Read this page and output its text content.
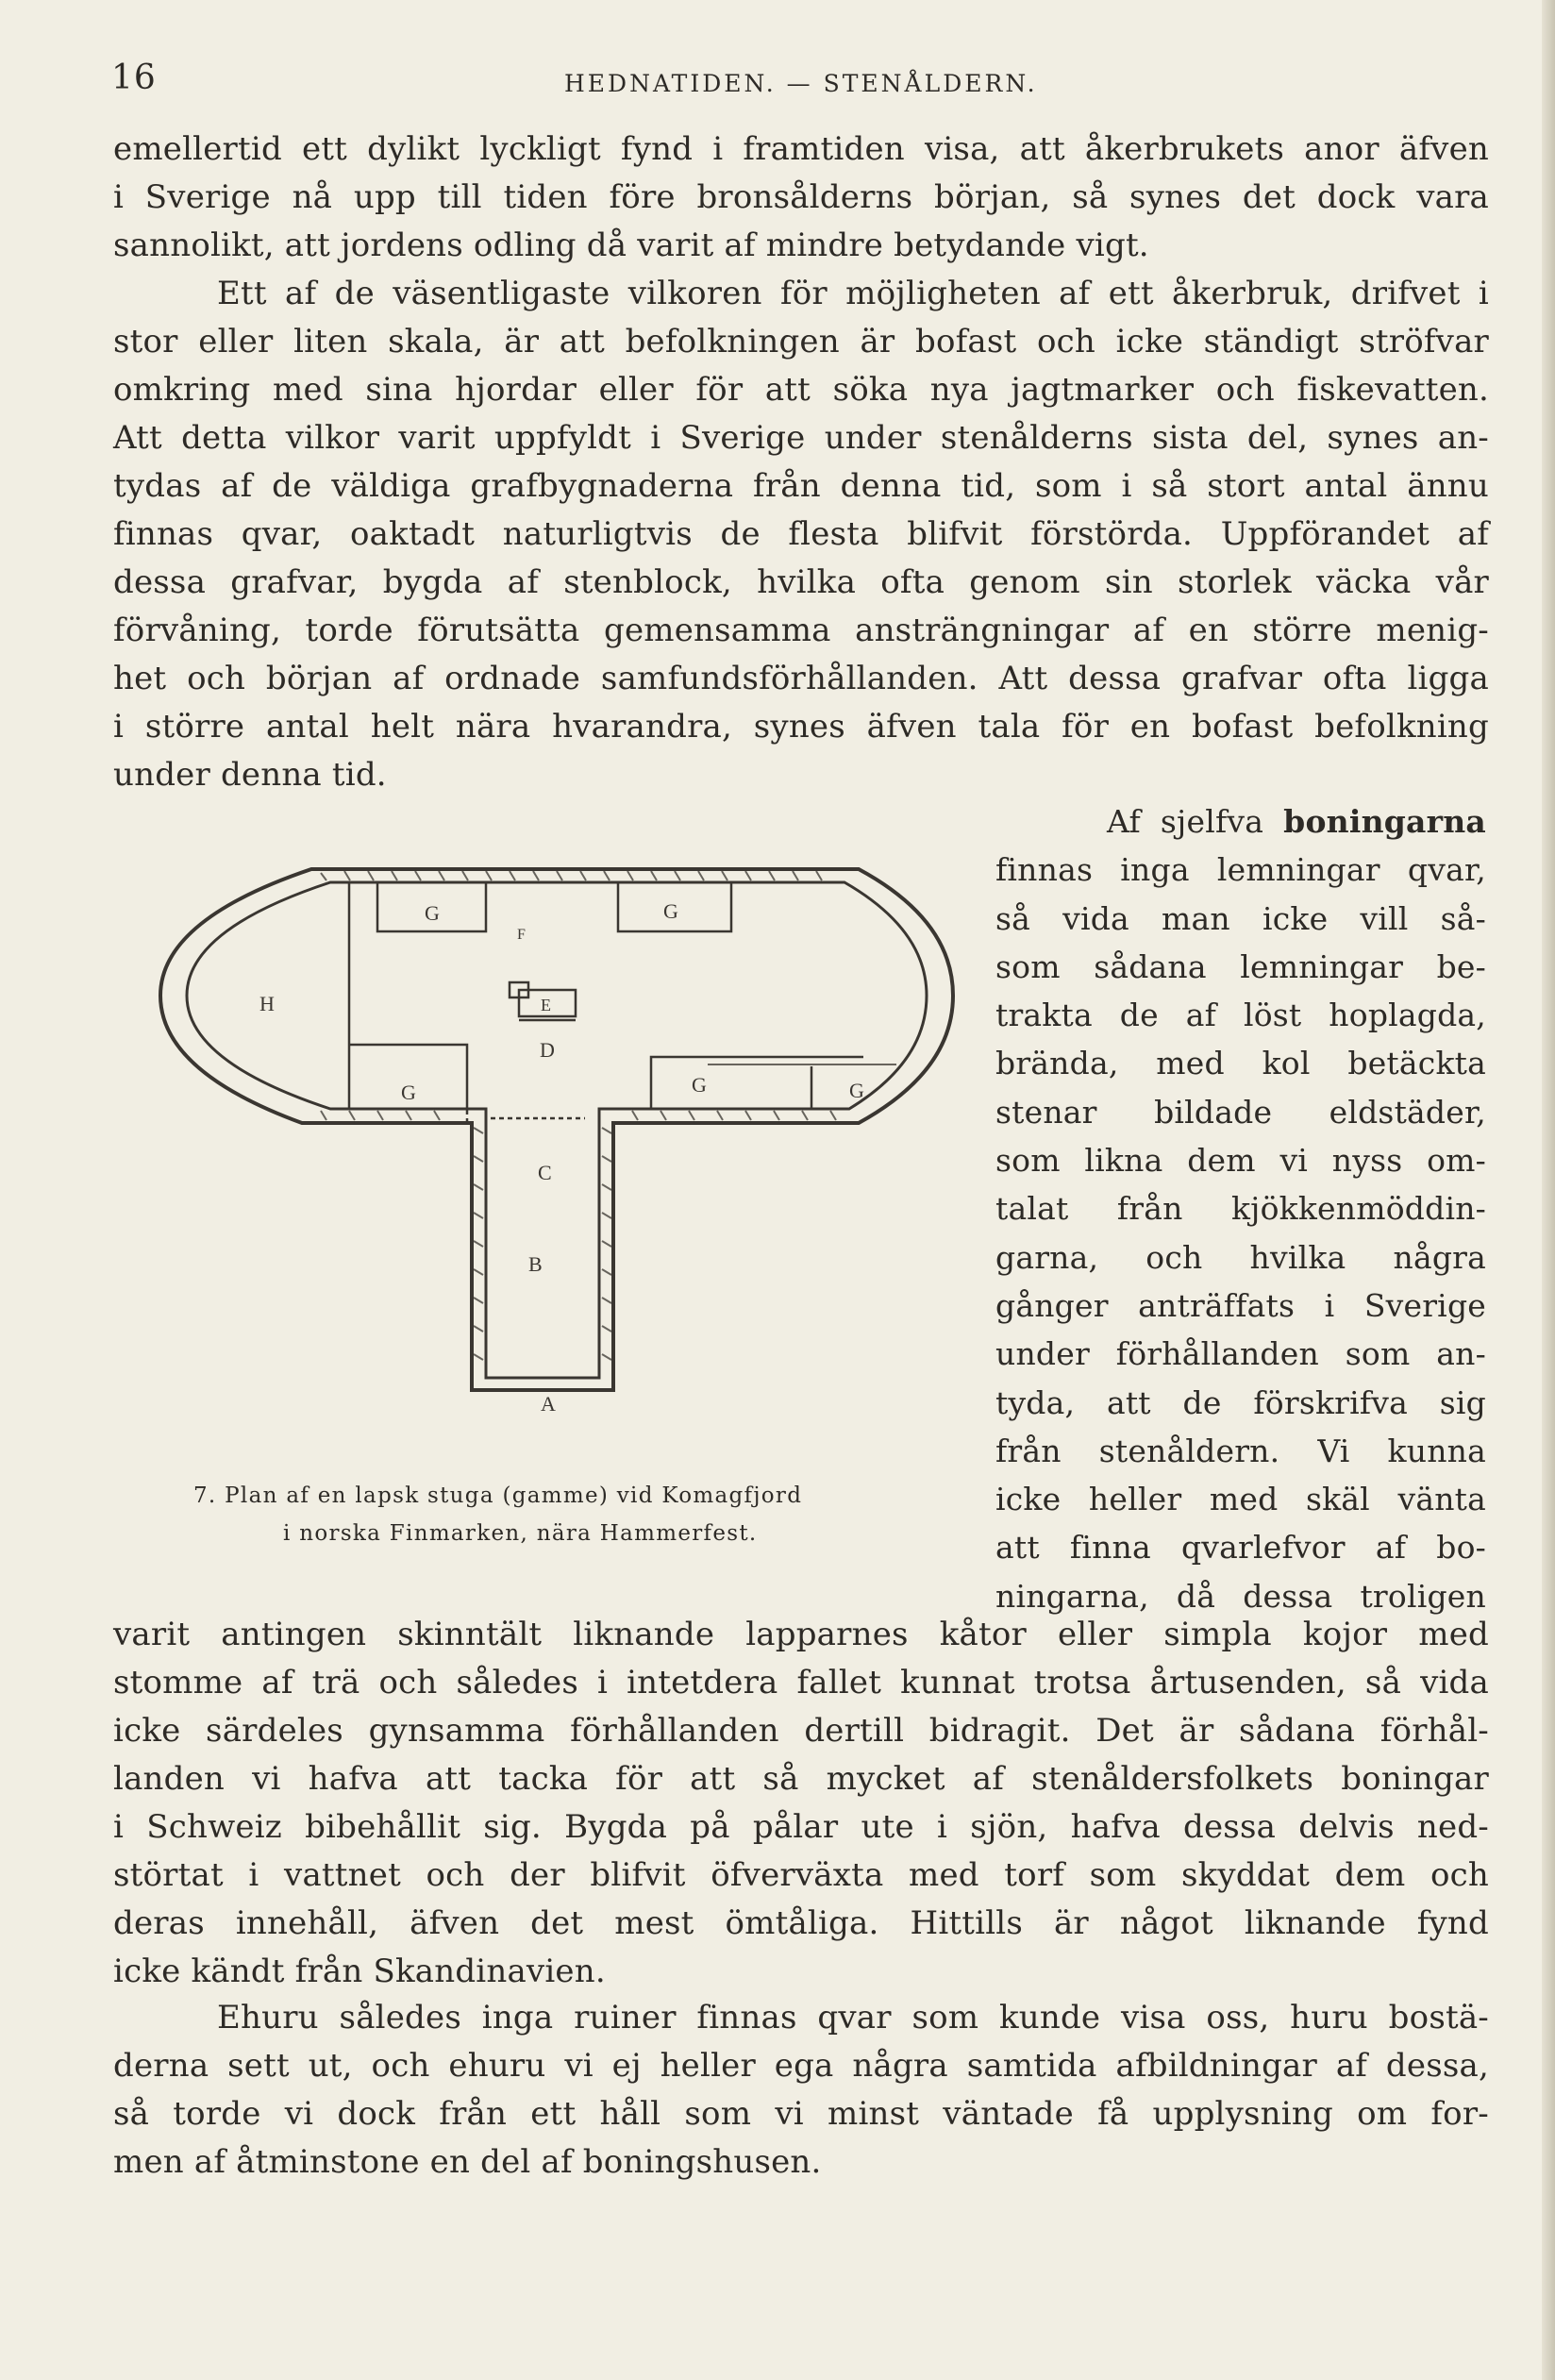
16	HEDNATIDEN. — STENÅLDERN.
emellertid ett dylikt lyckligt fynd i framtiden visa, att åkerbrukets anor äfven
i Sverige nå upp till tiden före bronsålderns början, så synes det dock vara
sannolikt, att jordens odling då varit af mindre betydande vigt.
Ett af de väsentligaste vilkoren för möjligheten af ett åkerbruk, drifvet i
stor eller liten skala, är att befolkningen är bofast och icke ständigt ströfvar
omkring med sina hjordar eller för att söka nya jagtmarker och fiskevatten.
Att detta vilkor varit uppfyldt i Sverige under stenålderns sista del, synes an-
tydas af de väldiga grafbygnaderna från denna tid, som i så stort antal ännu
finnas qvar, oaktadt naturligtvis de flesta blifvit förstörda. Uppförandet af
dessa grafvar, bygda af stenblock, hvilka ofta genom sin storlek väcka vår
förvåning, torde förutsätta gemensamma ansträngningar af en större menig-
het och början af ordnade samfundsförhållanden. Att dessa grafvar ofta ligga
i större antal helt nära hvarandra, synes äfven tala för en bofast befolkning
under denna tid.
Af sjelfva boningarna
finnas inga lemningar qvar,
så vida man icke vill så-
som sådana lemningar be-
trakta de af löst hoplagda,
brända, med kol betäckta
stenar bildade eldstäder,
som likna dem vi nyss om-
talat från kjökkenmöddin-
garna, och hvilka några
gånger anträffats i Sverige
under förhållanden som an-
tyda, att de förskrifva sig
från stenåldern. Vi kunna
icke heller med skäl vänta
att finna qvarlefvor af bo-
ningarna, då dessa troligen
H
G	G
F
E
D
G	G	G
C
B
A
7. Plan af en lapsk stuga (gamme) vid Komagfjord
i norska Finmarken, nära Hammerfest.
varit antingen skinntält liknande lapparnes kåtor eller simpla kojor med
stomme af trä och således i intetdera fallet kunnat trotsa årtusenden, så vida
icke särdeles gynsamma förhållanden dertill bidragit. Det är sådana förhål-
landen vi hafva att tacka för att så mycket af stenåldersfolkets boningar
i Schweiz bibehållit sig. Bygda på pålar ute i sjön, hafva dessa delvis ned-
störtat i vattnet och der blifvit öfverväxta med torf som skyddat dem och
deras innehåll, äfven det mest ömtåliga. Hittills är något liknande fynd
icke kändt från Skandinavien.
Ehuru således inga ruiner finnas qvar som kunde visa oss, huru bostä-
derna sett ut, och ehuru vi ej heller ega några samtida afbildningar af dessa,
så torde vi dock från ett håll som vi minst väntade få upplysning om for-
men af åtminstone en del af boningshusen.
